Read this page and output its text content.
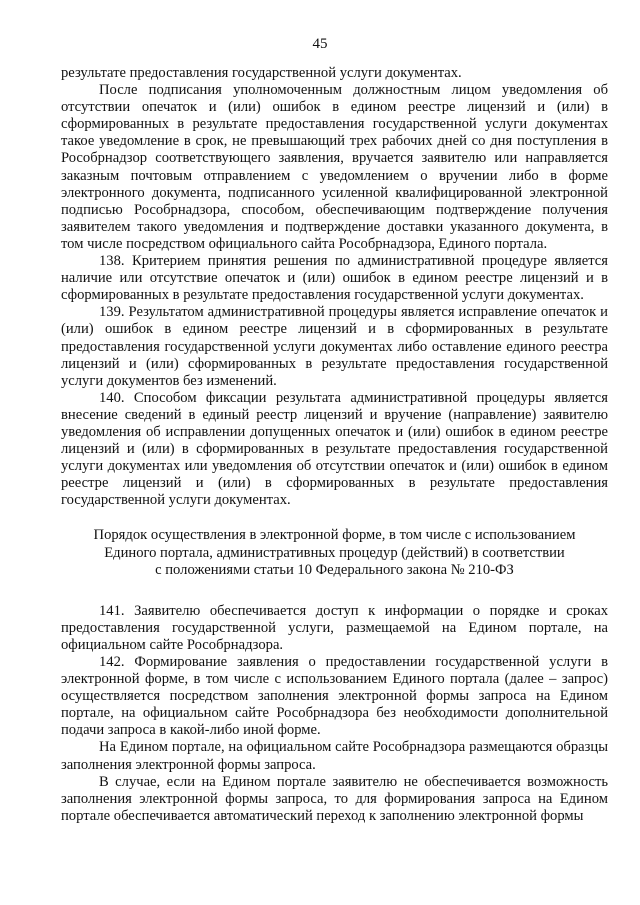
45

результате предоставления государственной услуги документах.

После подписания уполномоченным должностным лицом уведомления об отсутствии опечаток и (или) ошибок в едином реестре лицензий и (или) в сформированных в результате предоставления государственной услуги документах такое уведомление в срок, не превышающий трех рабочих дней со дня поступления в Рособрнадзор соответствующего заявления, вручается заявителю или направляется заказным почтовым отправлением с уведомлением о вручении либо в форме электронного документа, подписанного усиленной квалифицированной электронной подписью Рособрнадзора, способом, обеспечивающим подтверждение получения заявителем такого уведомления и подтверждение доставки указанного документа, в том числе посредством официального сайта Рособрнадзора, Единого портала.

138. Критерием принятия решения по административной процедуре является наличие или отсутствие опечаток и (или) ошибок в едином реестре лицензий и в сформированных в результате предоставления государственной услуги документах.

139. Результатом административной процедуры является исправление опечаток и (или) ошибок в едином реестре лицензий и в сформированных в результате предоставления государственной услуги документах либо оставление единого реестра лицензий и (или) сформированных в результате предоставления государственной услуги документов без изменений.

140. Способом фиксации результата административной процедуры является внесение сведений в единый реестр лицензий и вручение (направление) заявителю уведомления об исправлении допущенных опечаток и (или) ошибок в едином реестре лицензий и (или) в сформированных в результате предоставления государственной услуги документах или уведомления об отсутствии опечаток и (или) ошибок в едином реестре лицензий и (или) в сформированных в результате предоставления государственной услуги документах.

Порядок осуществления в электронной форме, в том числе с использованием
Единого портала, административных процедур (действий) в соответствии
с положениями статьи 10 Федерального закона № 210-ФЗ

141. Заявителю обеспечивается доступ к информации о порядке и сроках предоставления государственной услуги, размещаемой на Едином портале, на официальном сайте Рособрнадзора.

142. Формирование заявления о предоставлении государственной услуги в электронной форме, в том числе с использованием Единого портала (далее – запрос) осуществляется посредством заполнения электронной формы запроса на Едином портале, на официальном сайте Рособрнадзора без необходимости дополнительной подачи запроса в какой-либо иной форме.

На Едином портале, на официальном сайте Рособрнадзора размещаются образцы заполнения электронной формы запроса.

В случае, если на Едином портале заявителю не обеспечивается возможность заполнения электронной формы запроса, то для формирования запроса на Едином портале обеспечивается автоматический переход к заполнению электронной формы
